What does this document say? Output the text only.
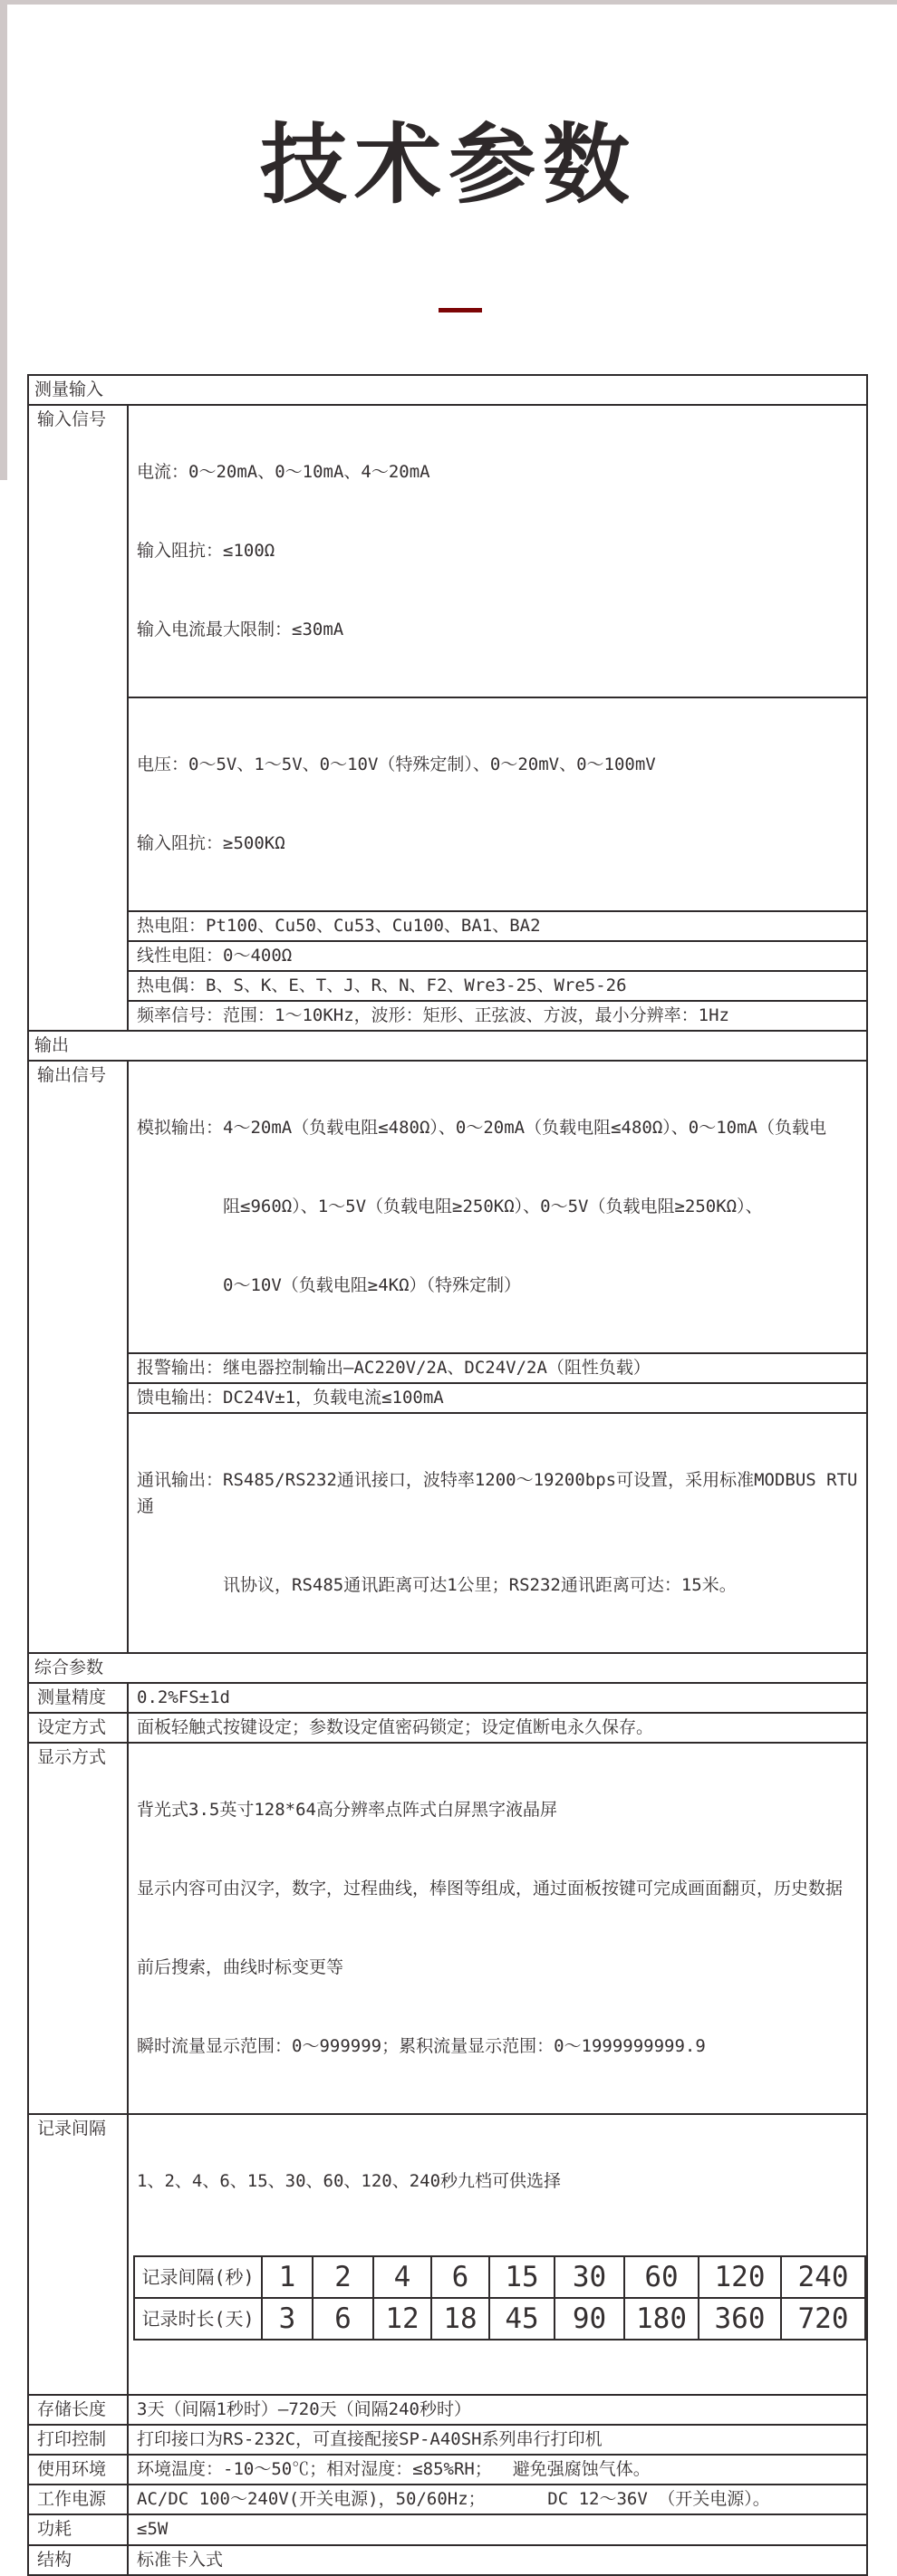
技术参数
测量输入
输入信号	

电流：0～20mA、0～10mA、4～20mA

输入阻抗：≤100Ω

输入电流最大限制：≤30mA

电压：0～5V、1～5V、0～10V（特殊定制）、0～20mV、0～100mV

输入阻抗：≥500KΩ

热电阻：Pt100、Cu50、Cu53、Cu100、BA1、BA2
线性电阻：0～400Ω
热电偶：B、S、K、E、T、J、R、N、F2、Wre3-25、Wre5-26
频率信号：范围：1～10KHz，波形：矩形、正弦波、方波，最小分辨率：1Hz
输出
输出信号	

模拟输出：4～20mA（负载电阻≤480Ω）、0～20mA（负载电阻≤480Ω）、0～10mA（负载电

阻≤960Ω）、1～5V（负载电阻≥250KΩ）、0～5V（负载电阻≥250KΩ）、

0～10V（负载电阻≥4KΩ）（特殊定制）

报警输出：继电器控制输出—AC220V/2A、DC24V/2A（阻性负载）
馈电输出：DC24V±1，负载电流≤100mA

通讯输出：RS485/RS232通讯接口，波特率1200～19200bps可设置，采用标准MODBUS RTU通

讯协议，RS485通讯距离可达1公里；RS232通讯距离可达：15米。

综合参数
测量精度	0.2%FS±1d
设定方式	面板轻触式按键设定；参数设定值密码锁定；设定值断电永久保存。
显示方式	

背光式3.5英寸128*64高分辨率点阵式白屏黑字液晶屏

显示内容可由汉字，数字，过程曲线，棒图等组成，通过面板按键可完成画面翻页，历史数据

前后搜索，曲线时标变更等

瞬时流量显示范围：0～999999；累积流量显示范围：0～1999999999.9

记录间隔	

1、2、4、6、15、30、60、120、240秒九档可供选择

记录间隔(秒)	1	2	4	6	15	30	60	120	240
记录时长(天)	3	6	12	18	45	90	180	360	720

存储长度	3天（间隔1秒时）—720天（间隔240秒时）
打印控制	打印接口为RS-232C，可直接配接SP-A40SH系列串行打印机
使用环境	环境温度：-10～50℃；相对湿度：≤85%RH；  避免强腐蚀气体。
工作电源	AC/DC 100～240V(开关电源)，50/60Hz；      DC 12～36V （开关电源）。
功耗	≤5W
结构	标准卡入式
